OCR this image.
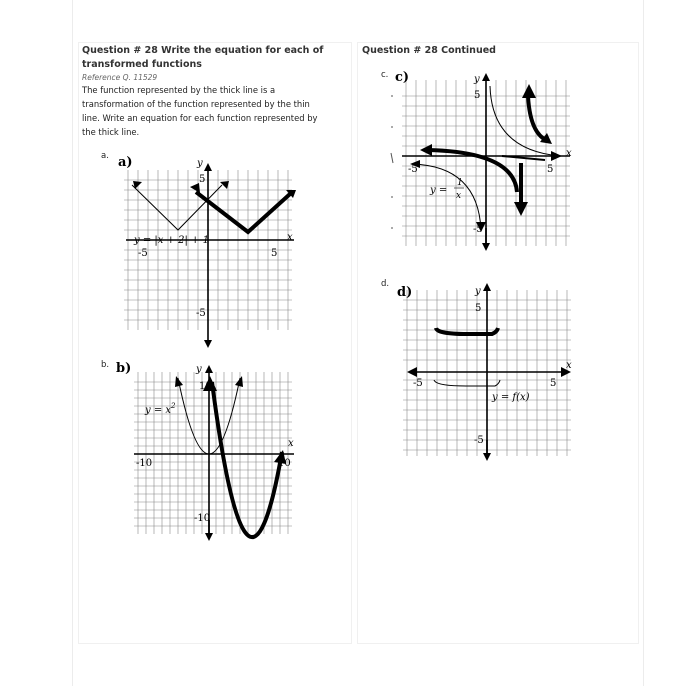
Question # 28 Write the equation for each of
transformed functions
Reference Q. 11529
The function represented by the thick line is a
transformation of the function represented by the thin
line. Write an equation for each function represented by
the thick line.
Question # 28 Continued
a.
b.
c.
d.
a)	y
x
5
-5
-5	5
y = |x + 2| + 1
b)	y
x
10
-10
-10	10
$y = x^2$
c)	y
x
5
-5
-5	5
y =
1
x
d)	y
x
5
-5
-5	5
y = f(x)
